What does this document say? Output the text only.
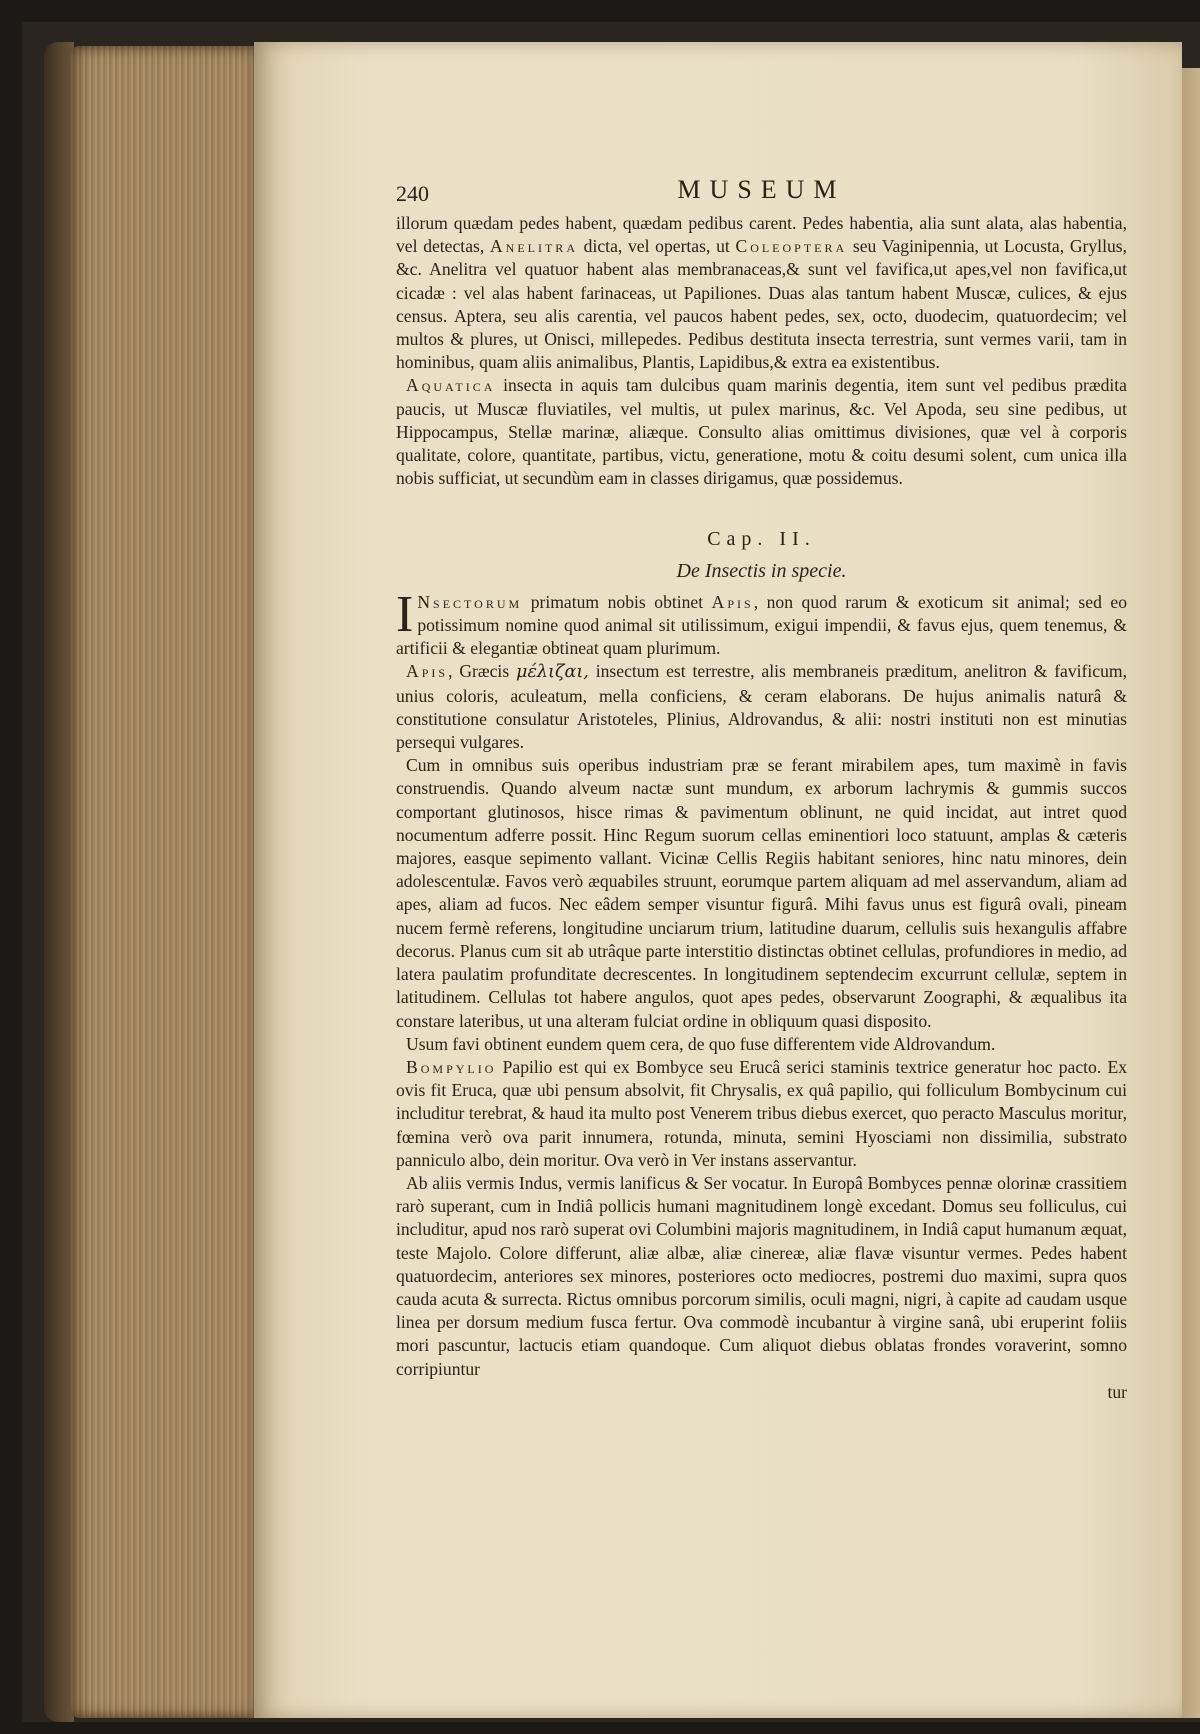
240	MUSEUM

illorum quædam pedes habent, quædam pedibus carent. Pedes habentia, alia sunt alata, alas habentia, vel detectas, Anelitra dicta, vel opertas, ut Coleoptera seu Vaginipennia, ut Locusta, Gryllus, &c. Anelitra vel quatuor habent alas membranaceas,& sunt vel favifica,ut apes,vel non favifica,ut cicadæ : vel alas habent farinaceas, ut Papiliones. Duas alas tantum habent Muscæ, culices, & ejus census. Aptera, seu alis carentia, vel paucos habent pedes, sex, octo, duodecim, quatuordecim; vel multos & plures, ut Onisci, millepedes. Pedibus destituta insecta terrestria, sunt vermes varii, tam in hominibus, quam aliis animalibus, Plantis, Lapidibus,& extra ea existentibus.

Aquatica insecta in aquis tam dulcibus quam marinis degentia, item sunt vel pedibus prædita paucis, ut Muscæ fluviatiles, vel multis, ut pulex marinus, &c. Vel Apoda, seu sine pedibus, ut Hippocampus, Stellæ marinæ, aliæque. Consulto alias omittimus divisiones, quæ vel à corporis qualitate, colore, quantitate, partibus, victu, generatione, motu & coitu desumi solent, cum unica illa nobis sufficiat, ut secundùm eam in classes dirigamus, quæ possidemus.

Cap. II.
De Insectis in specie.

I Nsectorum primatum nobis obtinet Apis, non quod rarum & exoticum sit animal; sed eo potissimum nomine quod animal sit utilissimum, exigui impendii, & favus ejus, quem tenemus, & artificii & elegantiæ obtineat quam plurimum.

Apis, Græcis μέλιζαι, insectum est terrestre, alis membraneis præditum, anelitron & favificum, unius coloris, aculeatum, mella conficiens, & ceram elaborans. De hujus animalis naturâ & constitutione consulatur Aristoteles, Plinius, Aldrovandus, & alii: nostri instituti non est minutias persequi vulgares.

Cum in omnibus suis operibus industriam præ se ferant mirabilem apes, tum maximè in favis construendis. Quando alveum nactæ sunt mundum, ex arborum lachrymis & gummis succos comportant glutinosos, hisce rimas & pavimentum oblinunt, ne quid incidat, aut intret quod nocumentum adferre possit. Hinc Regum suorum cellas eminentiori loco statuunt, amplas & cæteris majores, easque sepimento vallant. Vicinæ Cellis Regiis habitant seniores, hinc natu minores, dein adolescentulæ. Favos verò æquabiles struunt, eorumque partem aliquam ad mel asservandum, aliam ad apes, aliam ad fucos. Nec eâdem semper visuntur figurâ. Mihi favus unus est figurâ ovali, pineam nucem fermè referens, longitudine unciarum trium, latitudine duarum, cellulis suis hexangulis affabre decorus. Planus cum sit ab utrâque parte interstitio distinctas obtinet cellulas, profundiores in medio, ad latera paulatim profunditate decrescentes. In longitudinem septendecim excurrunt cellulæ, septem in latitudinem. Cellulas tot habere angulos, quot apes pedes, observarunt Zoographi, & æqualibus ita constare lateribus, ut una alteram fulciat ordine in obliquum quasi disposito.

Usum favi obtinent eundem quem cera, de quo fuse differentem vide Aldrovandum.

Bompylio Papilio est qui ex Bombyce seu Erucâ serici staminis textrice generatur hoc pacto. Ex ovis fit Eruca, quæ ubi pensum absolvit, fit Chrysalis, ex quâ papilio, qui folliculum Bombycinum cui includitur terebrat, & haud ita multo post Venerem tribus diebus exercet, quo peracto Masculus moritur, fœmina verò ova parit innumera, rotunda, minuta, semini Hyosciami non dissimilia, substrato panniculo albo, dein moritur. Ova verò in Ver instans asservantur.

Ab aliis vermis Indus, vermis lanificus & Ser vocatur. In Europâ Bombyces pennæ olorinæ crassitiem rarò superant, cum in Indiâ pollicis humani magnitudinem longè excedant. Domus seu folliculus, cui includitur, apud nos rarò superat ovi Columbini majoris magnitudinem, in Indiâ caput humanum æquat, teste Majolo. Colore differunt, aliæ albæ, aliæ cinereæ, aliæ flavæ visuntur vermes. Pedes habent quatuordecim, anteriores sex minores, posteriores octo mediocres, postremi duo maximi, supra quos cauda acuta & surrecta. Rictus omnibus porcorum similis, oculi magni, nigri, à capite ad caudam usque linea per dorsum medium fusca fertur. Ova commodè incubantur à virgine sanâ, ubi eruperint foliis mori pascuntur, lactucis etiam quandoque. Cum aliquot diebus oblatas frondes voraverint, somno corripiuntur

tur
